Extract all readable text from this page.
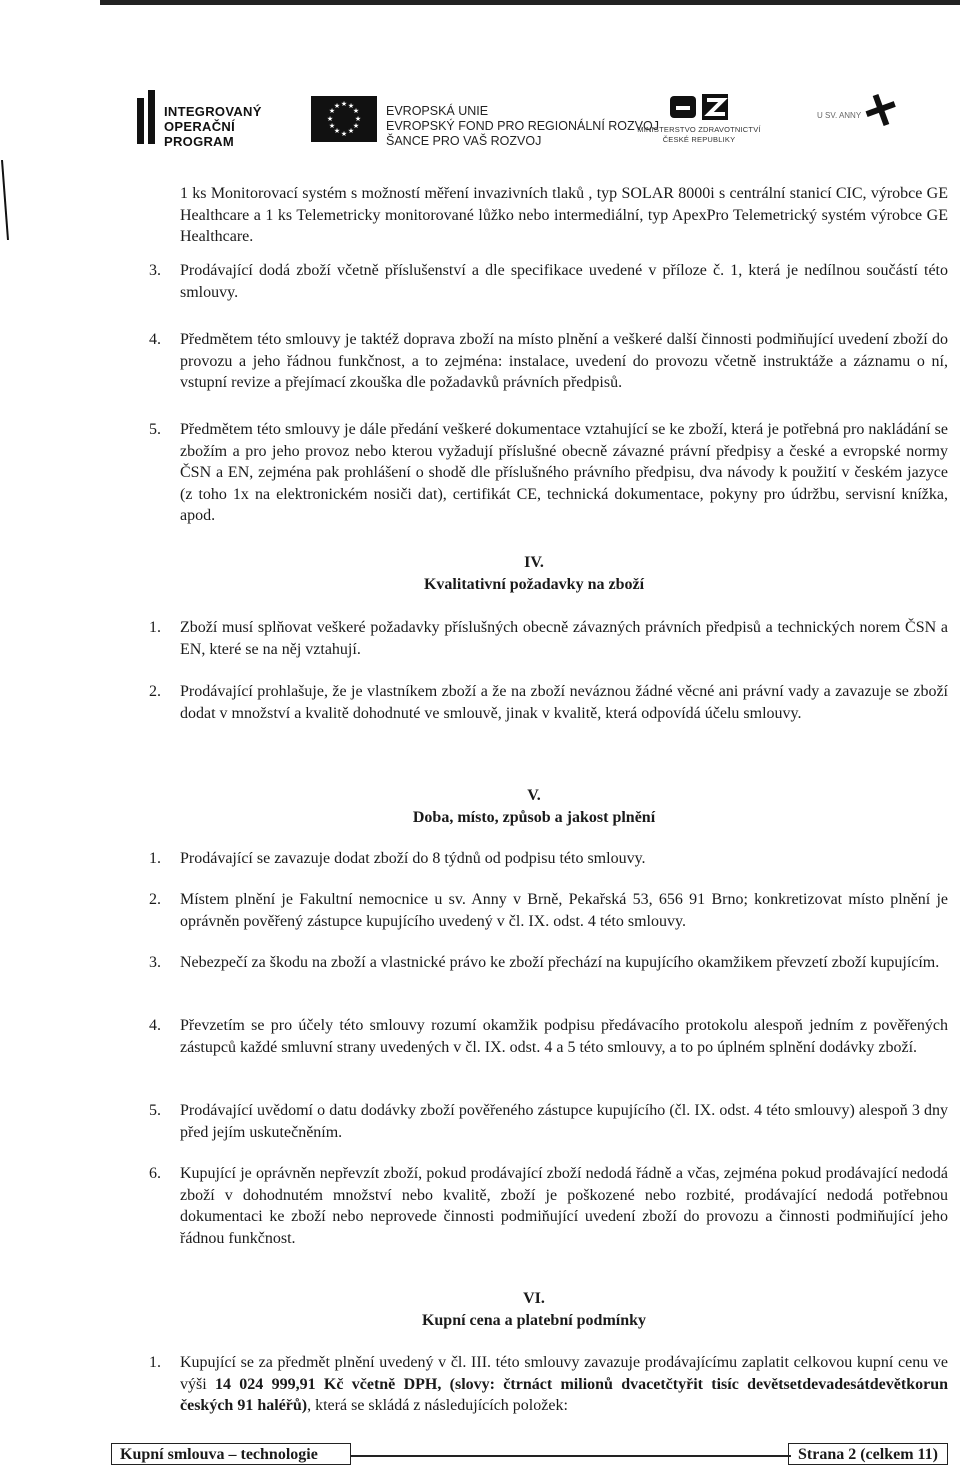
INTEGROVANÝ
OPERAČNÍ
PROGRAM
★ ★
★
★
★
★
★
★
★
★
★
★	EVROPSKÁ UNIE
EVROPSKÝ FOND PRO REGIONÁLNÍ ROZVOJ
ŠANCE PRO VAŠ ROZVOJ
MINISTERSTVO ZDRAVOTNICTVÍ
ČESKÉ REPUBLIKY
U SV. ANNY
1 ks Monitorovací systém s možností měření invazivních tlaků , typ SOLAR 8000i s centrální stanicí CIC, výrobce GE Healthcare a 1 ks Telemetricky monitorované lůžko nebo intermediální, typ ApexPro Telemetrický systém výrobce GE Healthcare.
3.	Prodávající dodá zboží včetně příslušenství a dle specifikace uvedené v příloze č. 1, která je nedílnou součástí této smlouvy.
4.	Předmětem této smlouvy je taktéž doprava zboží na místo plnění a veškeré další činnosti podmiňující uvedení zboží do provozu a jeho řádnou funkčnost, a to zejména: instalace, uvedení do provozu včetně instruktáže a záznamu o ní, vstupní revize a přejímací zkouška dle požadavků právních předpisů.
5.	Předmětem této smlouvy je dále předání veškeré dokumentace vztahující se ke zboží, která je potřebná pro nakládání se zbožím a pro jeho provoz nebo kterou vyžadují příslušné obecně závazné právní předpisy a české a evropské normy ČSN a EN, zejména pak prohlášení o shodě dle příslušného právního předpisu, dva návody k použití v českém jazyce (z toho 1x na elektronickém nosiči dat), certifikát CE, technická dokumentace, pokyny pro údržbu, servisní knížka, apod.
IV.
Kvalitativní požadavky na zboží
1.	Zboží musí splňovat veškeré požadavky příslušných obecně závazných právních předpisů a technických norem ČSN a EN, které se na něj vztahují.
2.	Prodávající prohlašuje, že je vlastníkem zboží a že na zboží neváznou žádné věcné ani právní vady a zavazuje se zboží dodat v množství a kvalitě dohodnuté ve smlouvě, jinak v kvalitě, která odpovídá účelu smlouvy.
V.
Doba, místo, způsob a jakost plnění
1.	Prodávající se zavazuje dodat zboží do 8 týdnů od podpisu této smlouvy.
2.	Místem plnění je Fakultní nemocnice u sv. Anny v Brně, Pekařská 53, 656 91 Brno; konkretizovat místo plnění je oprávněn pověřený zástupce kupujícího uvedený v čl. IX. odst. 4 této smlouvy.
3.	Nebezpečí za škodu na zboží a vlastnické právo ke zboží přechází na kupujícího okamžikem převzetí zboží kupujícím.
4.	Převzetím se pro účely této smlouvy rozumí okamžik podpisu předávacího protokolu alespoň jedním z pověřených zástupců každé smluvní strany uvedených v čl. IX. odst. 4 a 5 této smlouvy, a to po úplném splnění dodávky zboží.
5.	Prodávající uvědomí o datu dodávky zboží pověřeného zástupce kupujícího (čl. IX. odst. 4 této smlouvy) alespoň 3 dny před jejím uskutečněním.
6.	Kupující je oprávněn nepřevzít zboží, pokud prodávající zboží nedodá řádně a včas, zejména pokud prodávající nedodá zboží v dohodnutém množství nebo kvalitě, zboží je poškozené nebo rozbité, prodávající nedodá potřebnou dokumentaci ke zboží nebo neprovede činnosti podmiňující uvedení zboží do provozu a činnosti podmiňující jeho řádnou funkčnost.
VI.
Kupní cena a platební podmínky
1.	Kupující se za předmět plnění uvedený v čl. III. této smlouvy zavazuje prodávajícímu zaplatit celkovou kupní cenu ve výši 14 024 999,91 Kč včetně DPH, (slovy: čtrnáct milionů dvacetčtyřit tisíc devětsetdevadesátdevětkorun českých 91 haléřů), která se skládá z následujících položek:
Kupní smlouva – technologie	Strana 2 (celkem 11)
